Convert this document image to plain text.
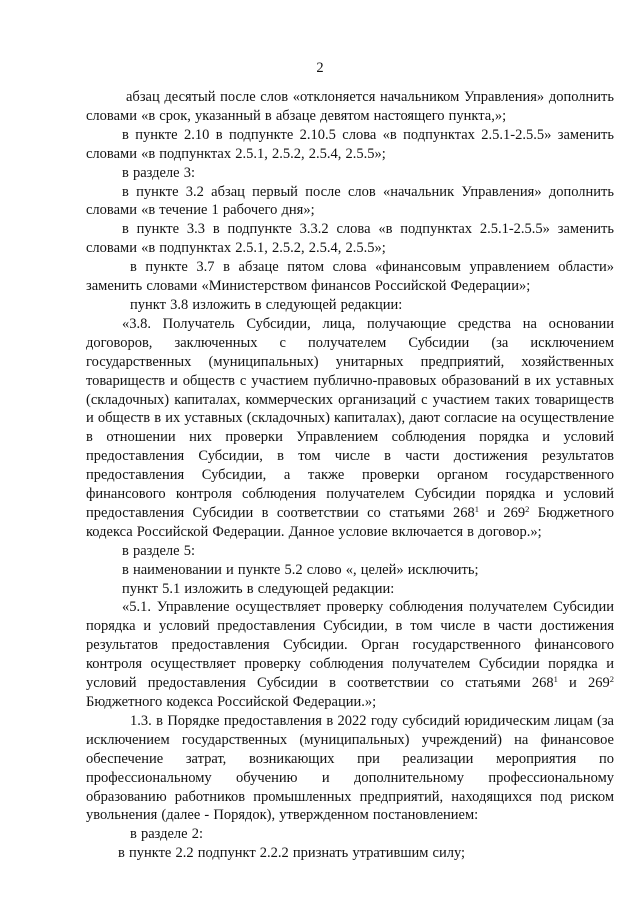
2

абзац десятый после слов «отклоняется начальником Управления» дополнить словами «в срок, указанный в абзаце девятом настоящего пункта,»;

в пункте 2.10 в подпункте 2.10.5 слова «в подпунктах 2.5.1-2.5.5» заменить словами «в подпунктах 2.5.1, 2.5.2, 2.5.4, 2.5.5»;

в разделе 3:

в пункте 3.2 абзац первый после слов «начальник Управления» дополнить словами «в течение 1 рабочего дня»;

в пункте 3.3 в подпункте 3.3.2 слова «в подпунктах 2.5.1-2.5.5» заменить словами «в подпунктах 2.5.1, 2.5.2, 2.5.4, 2.5.5»;

в пункте 3.7 в абзаце пятом слова «финансовым управлением области» заменить словами «Министерством финансов Российской Федерации»;

пункт 3.8 изложить в следующей редакции:

«3.8. Получатель Субсидии, лица, получающие средства на основании договоров, заключенных с получателем Субсидии (за исключением государственных (муниципальных) унитарных предприятий, хозяйственных товариществ и обществ с участием публично-правовых образований в их уставных (складочных) капиталах, коммерческих организаций с участием таких товариществ и обществ в их уставных (складочных) капиталах), дают согласие на осуществление в отношении них проверки Управлением соблюдения порядка и условий предоставления Субсидии, в том числе в части достижения результатов предоставления Субсидии, а также проверки органом государственного финансового контроля соблюдения получателем Субсидии порядка и условий предоставления Субсидии в соответствии со статьями $268^1$ и $269^2$ Бюджетного кодекса Российской Федерации. Данное условие включается в договор.»;

в разделе 5:

в наименовании и пункте 5.2 слово «, целей» исключить;

пункт 5.1 изложить в следующей редакции:

«5.1. Управление осуществляет проверку соблюдения получателем Субсидии порядка и условий предоставления Субсидии, в том числе в части достижения результатов предоставления Субсидии. Орган государственного финансового контроля осуществляет проверку соблюдения получателем Субсидии порядка и условий предоставления Субсидии в соответствии со статьями $268^1$ и $269^2$ Бюджетного кодекса Российской Федерации.»;

1.3. в Порядке предоставления в 2022 году субсидий юридическим лицам (за исключением государственных (муниципальных) учреждений) на финансовое обеспечение затрат, возникающих при реализации мероприятия по профессиональному обучению и дополнительному профессиональному образованию работников промышленных предприятий, находящихся под риском увольнения (далее - Порядок), утвержденном постановлением:

в разделе 2:

в пункте 2.2 подпункт 2.2.2 признать утратившим силу;
